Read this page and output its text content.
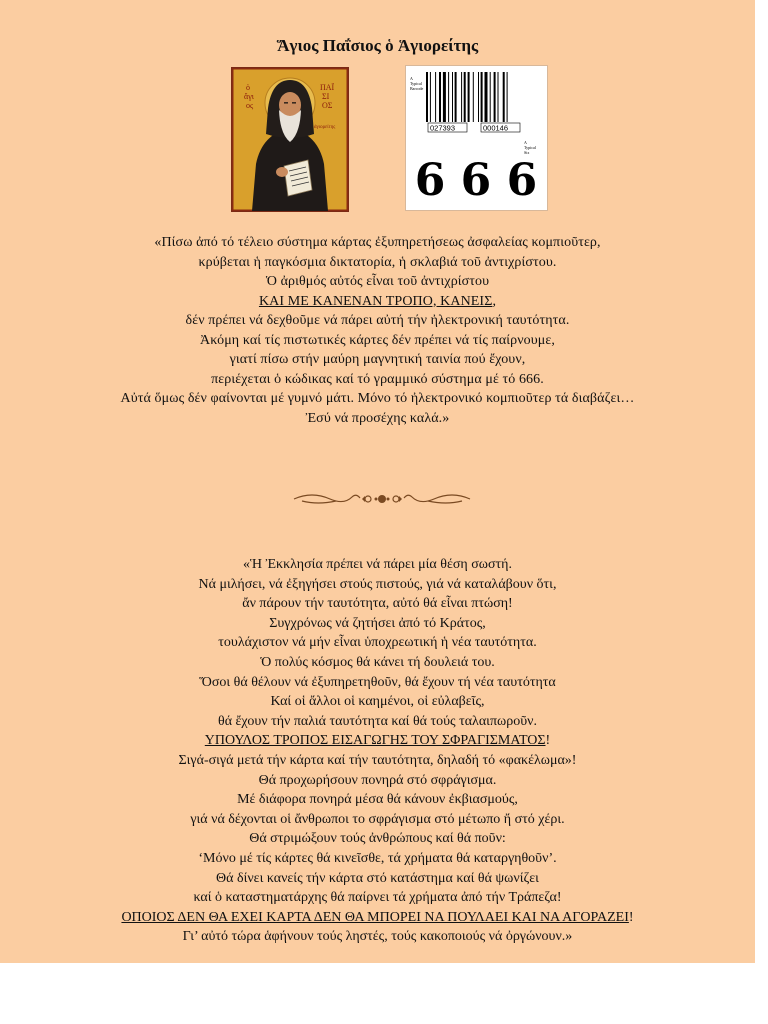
Ἅγιος Παΐσιος ὁ Ἁγιορείτης
ὁ
ἅγι
ος
ΠΑΪ
ΣΙ
ΟΣ
ἁγιορείτης
A
Typical
Barcode
027393	000146
A
Typical
Six
6 6 6
«Πίσω ἀπό τό τέλειο σύστημα κάρτας ἐξυπηρετήσεως ἀσφαλείας κομπιοῦτερ,
κρύβεται ἡ παγκόσμια δικτατορία, ἡ σκλαβιά τοῦ ἀντιχρίστου.
Ὁ ἀριθμός αὐτός εἶναι τοῦ ἀντιχρίστου
ΚΑΙ ΜΕ ΚΑΝΕΝΑΝ ΤΡΟΠΟ, ΚΑΝΕΙΣ,
δέν πρέπει νά δεχθοῦμε νά πάρει αὐτή τήν ἠλεκτρονική ταυτότητα.
Ἀκόμη καί τίς πιστωτικές κάρτες δέν πρέπει νά τίς παίρνουμε,
γιατί πίσω στήν μαύρη μαγνητική ταινία πού ἔχουν,
περιέχεται ὁ κώδικας καί τό γραμμικό σύστημα μέ τό 666.
Αὐτά ὅμως δέν φαίνονται μέ γυμνό μάτι. Μόνο τό ἠλεκτρονικό κομπιοῦτερ τά διαβάζει…
Ἐσύ νά προσέχης καλά.»
«Ἡ Ἐκκλησία πρέπει νά πάρει μία θέση σωστή.
Νά μιλήσει, νά ἐξηγήσει στούς πιστούς, γιά νά καταλάβουν ὅτι,
ἄν πάρουν τήν ταυτότητα, αὐτό θά εἶναι πτώση!
Συγχρόνως νά ζητήσει ἀπό τό Κράτος,
τουλάχιστον νά μήν εἶναι ὑποχρεωτική ἡ νέα ταυτότητα.
Ὁ πολύς κόσμος θά κάνει τή δουλειά του.
Ὅσοι θά θέλουν νά ἐξυπηρετηθοῦν, θά ἔχουν τή νέα ταυτότητα
Καί οἱ ἄλλοι οἱ καημένοι, οἱ εὐλαβεῖς,
θά ἔχουν τήν παλιά ταυτότητα καί θά τούς ταλαιπωροῦν.
ΥΠΟΥΛΟΣ ΤΡΟΠΟΣ ΕΙΣΑΓΩΓΗΣ ΤΟΥ ΣΦΡΑΓΙΣΜΑΤΟΣ!
Σιγά-σιγά μετά τήν κάρτα καί τήν ταυτότητα, δηλαδή τό «φακέλωμα»!
Θά προχωρήσουν πονηρά στό σφράγισμα.
Μέ διάφορα πονηρά μέσα θά κάνουν ἐκβιασμούς,
γιά νά δέχονται οἱ ἄνθρωποι το σφράγισμα στό μέτωπο ἤ στό χέρι.
Θά στριμώξουν τούς ἀνθρώπους καί θά ποῦν:
‘Μόνο μέ τίς κάρτες θά κινεῖσθε, τά χρήματα θά καταργηθοῦν’.
Θά δίνει κανείς τήν κάρτα στό κατάστημα καί θά ψωνίζει
καί ὁ καταστηματάρχης θά παίρνει τά χρήματα ἀπό τήν Τράπεζα!
ΟΠΟΙΟΣ ΔΕΝ ΘΑ ΕΧΕΙ ΚΑΡΤΑ ΔΕΝ ΘΑ ΜΠΟΡΕΙ ΝΑ ΠΟΥΛΑΕΙ ΚΑΙ ΝΑ ΑΓΟΡΑΖΕΙ!
Γι’ αὐτό τώρα ἁφήνουν τούς ληστές, τούς κακοποιούς νά ὀργώνουν.»
